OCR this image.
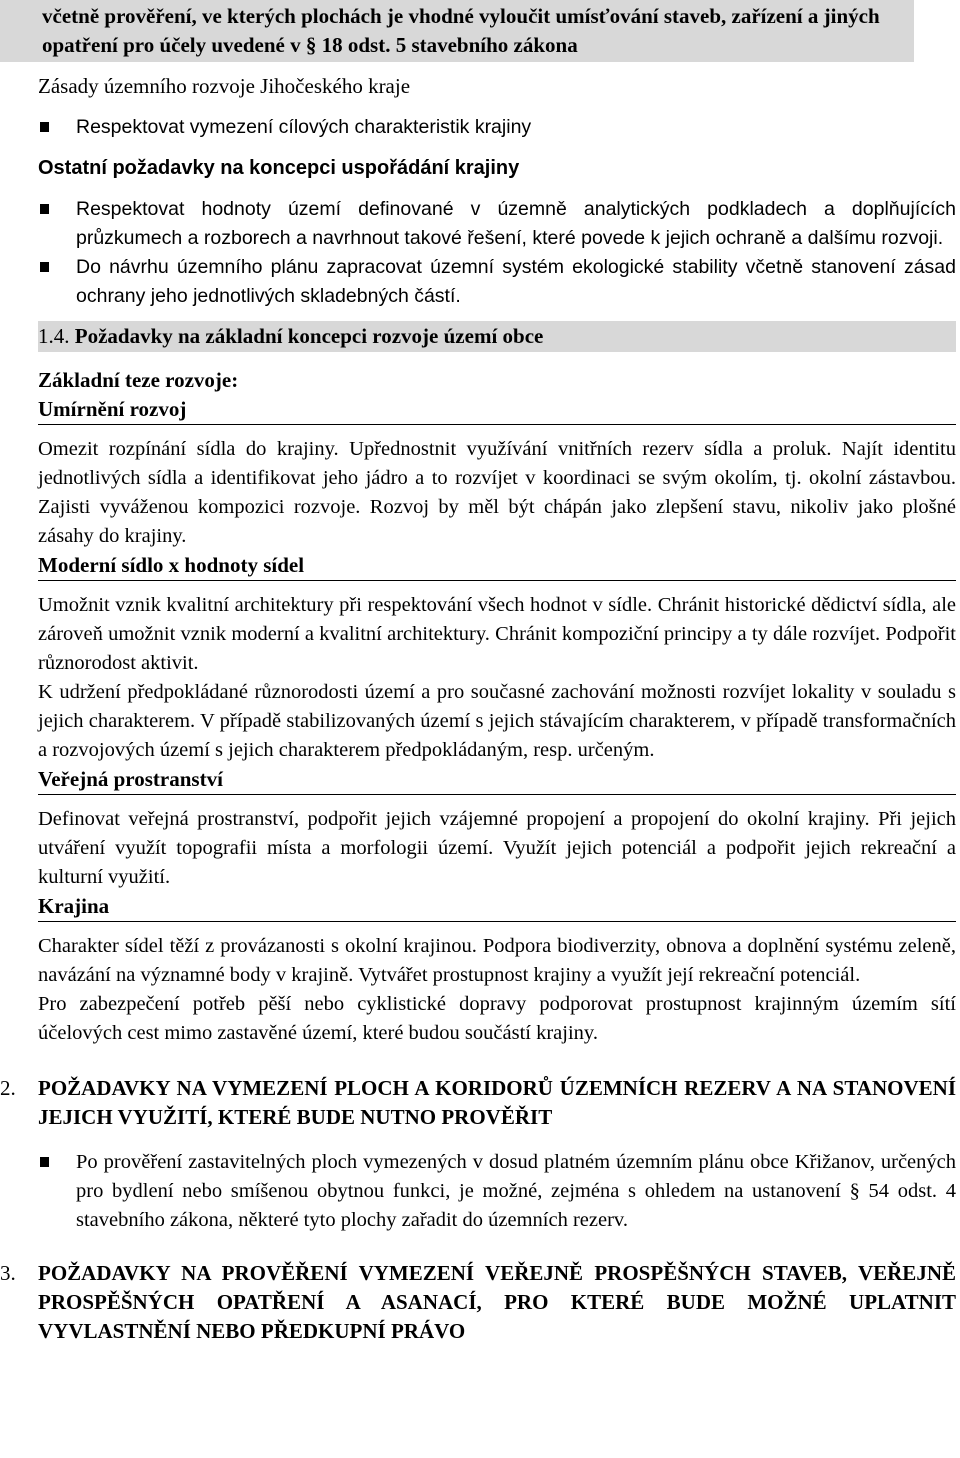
včetně prověření, ve kterých plochách je vhodné vyloučit umísťování staveb, zařízení a jiných opatření pro účely uvedené v § 18 odst. 5 stavebního zákona
Zásady územního rozvoje Jihočeského kraje
Respektovat vymezení cílových charakteristik krajiny
Ostatní požadavky na koncepci uspořádání krajiny
Respektovat hodnoty území definované v územně analytických podkladech a doplňujících průzkumech a rozborech a navrhnout takové řešení, které povede k jejich ochraně a dalšímu rozvoji.
Do návrhu územního plánu zapracovat územní systém ekologické stability včetně stanovení zásad ochrany jeho jednotlivých skladebných částí.
1.4. Požadavky na základní koncepci rozvoje území obce
Základní teze rozvoje:
Umírnění rozvoj

Omezit rozpínání sídla do krajiny. Upřednostnit využívání vnitřních rezerv sídla a proluk. Najít identitu jednotlivých sídla a identifikovat jeho jádro a to rozvíjet v koordinaci se svým okolím, tj. okolní zástavbou. Zajisti vyváženou kompozici rozvoje. Rozvoj by měl být chápán jako zlepšení stavu, nikoliv jako plošné zásahy do krajiny.

Moderní sídlo x hodnoty sídel

Umožnit vznik kvalitní architektury při respektování všech hodnot v sídle. Chránit historické dědictví sídla, ale zároveň umožnit vznik moderní a kvalitní architektury. Chránit kompoziční principy a ty dále rozvíjet. Podpořit různorodost aktivit.

K udržení předpokládané různorodosti území a pro současné zachování možnosti rozvíjet lokality v souladu s jejich charakterem. V případě stabilizovaných území s jejich stávajícím charakterem, v případě transformačních a rozvojových území s jejich charakterem předpokládaným, resp. určeným.

Veřejná prostranství

Definovat veřejná prostranství, podpořit jejich vzájemné propojení a propojení do okolní krajiny. Při jejich utváření využít topografii místa a morfologii území. Využít jejich potenciál a podpořit jejich rekreační a kulturní využití.

Krajina

Charakter sídel těží z provázanosti s okolní krajinou. Podpora biodiverzity, obnova a doplnění systému zeleně, navázání na významné body v krajině. Vytvářet prostupnost krajiny a využít její rekreační potenciál.

Pro zabezpečení potřeb pěší nebo cyklistické dopravy podporovat prostupnost krajinným územím sítí účelových cest mimo zastavěné území, které budou součástí krajiny.

2. POŽADAVKY NA VYMEZENÍ PLOCH A KORIDORŮ ÚZEMNÍCH REZERV A NA STANOVENÍ JEJICH VYUŽITÍ, KTERÉ BUDE NUTNO PROVĚŘIT
Po prověření zastavitelných ploch vymezených v dosud platném územním plánu obce Křižanov, určených pro bydlení nebo smíšenou obytnou funkci, je možné, zejména s ohledem na ustanovení § 54 odst. 4 stavebního zákona, některé tyto plochy zařadit do územních rezerv.
3. POŽADAVKY NA PROVĚŘENÍ VYMEZENÍ VEŘEJNĚ PROSPĚŠNÝCH STAVEB, VEŘEJNĚ PROSPĚŠNÝCH OPATŘENÍ A ASANACÍ, PRO KTERÉ BUDE MOŽNÉ UPLATNIT VYVLASTNĚNÍ NEBO PŘEDKUPNÍ PRÁVO
